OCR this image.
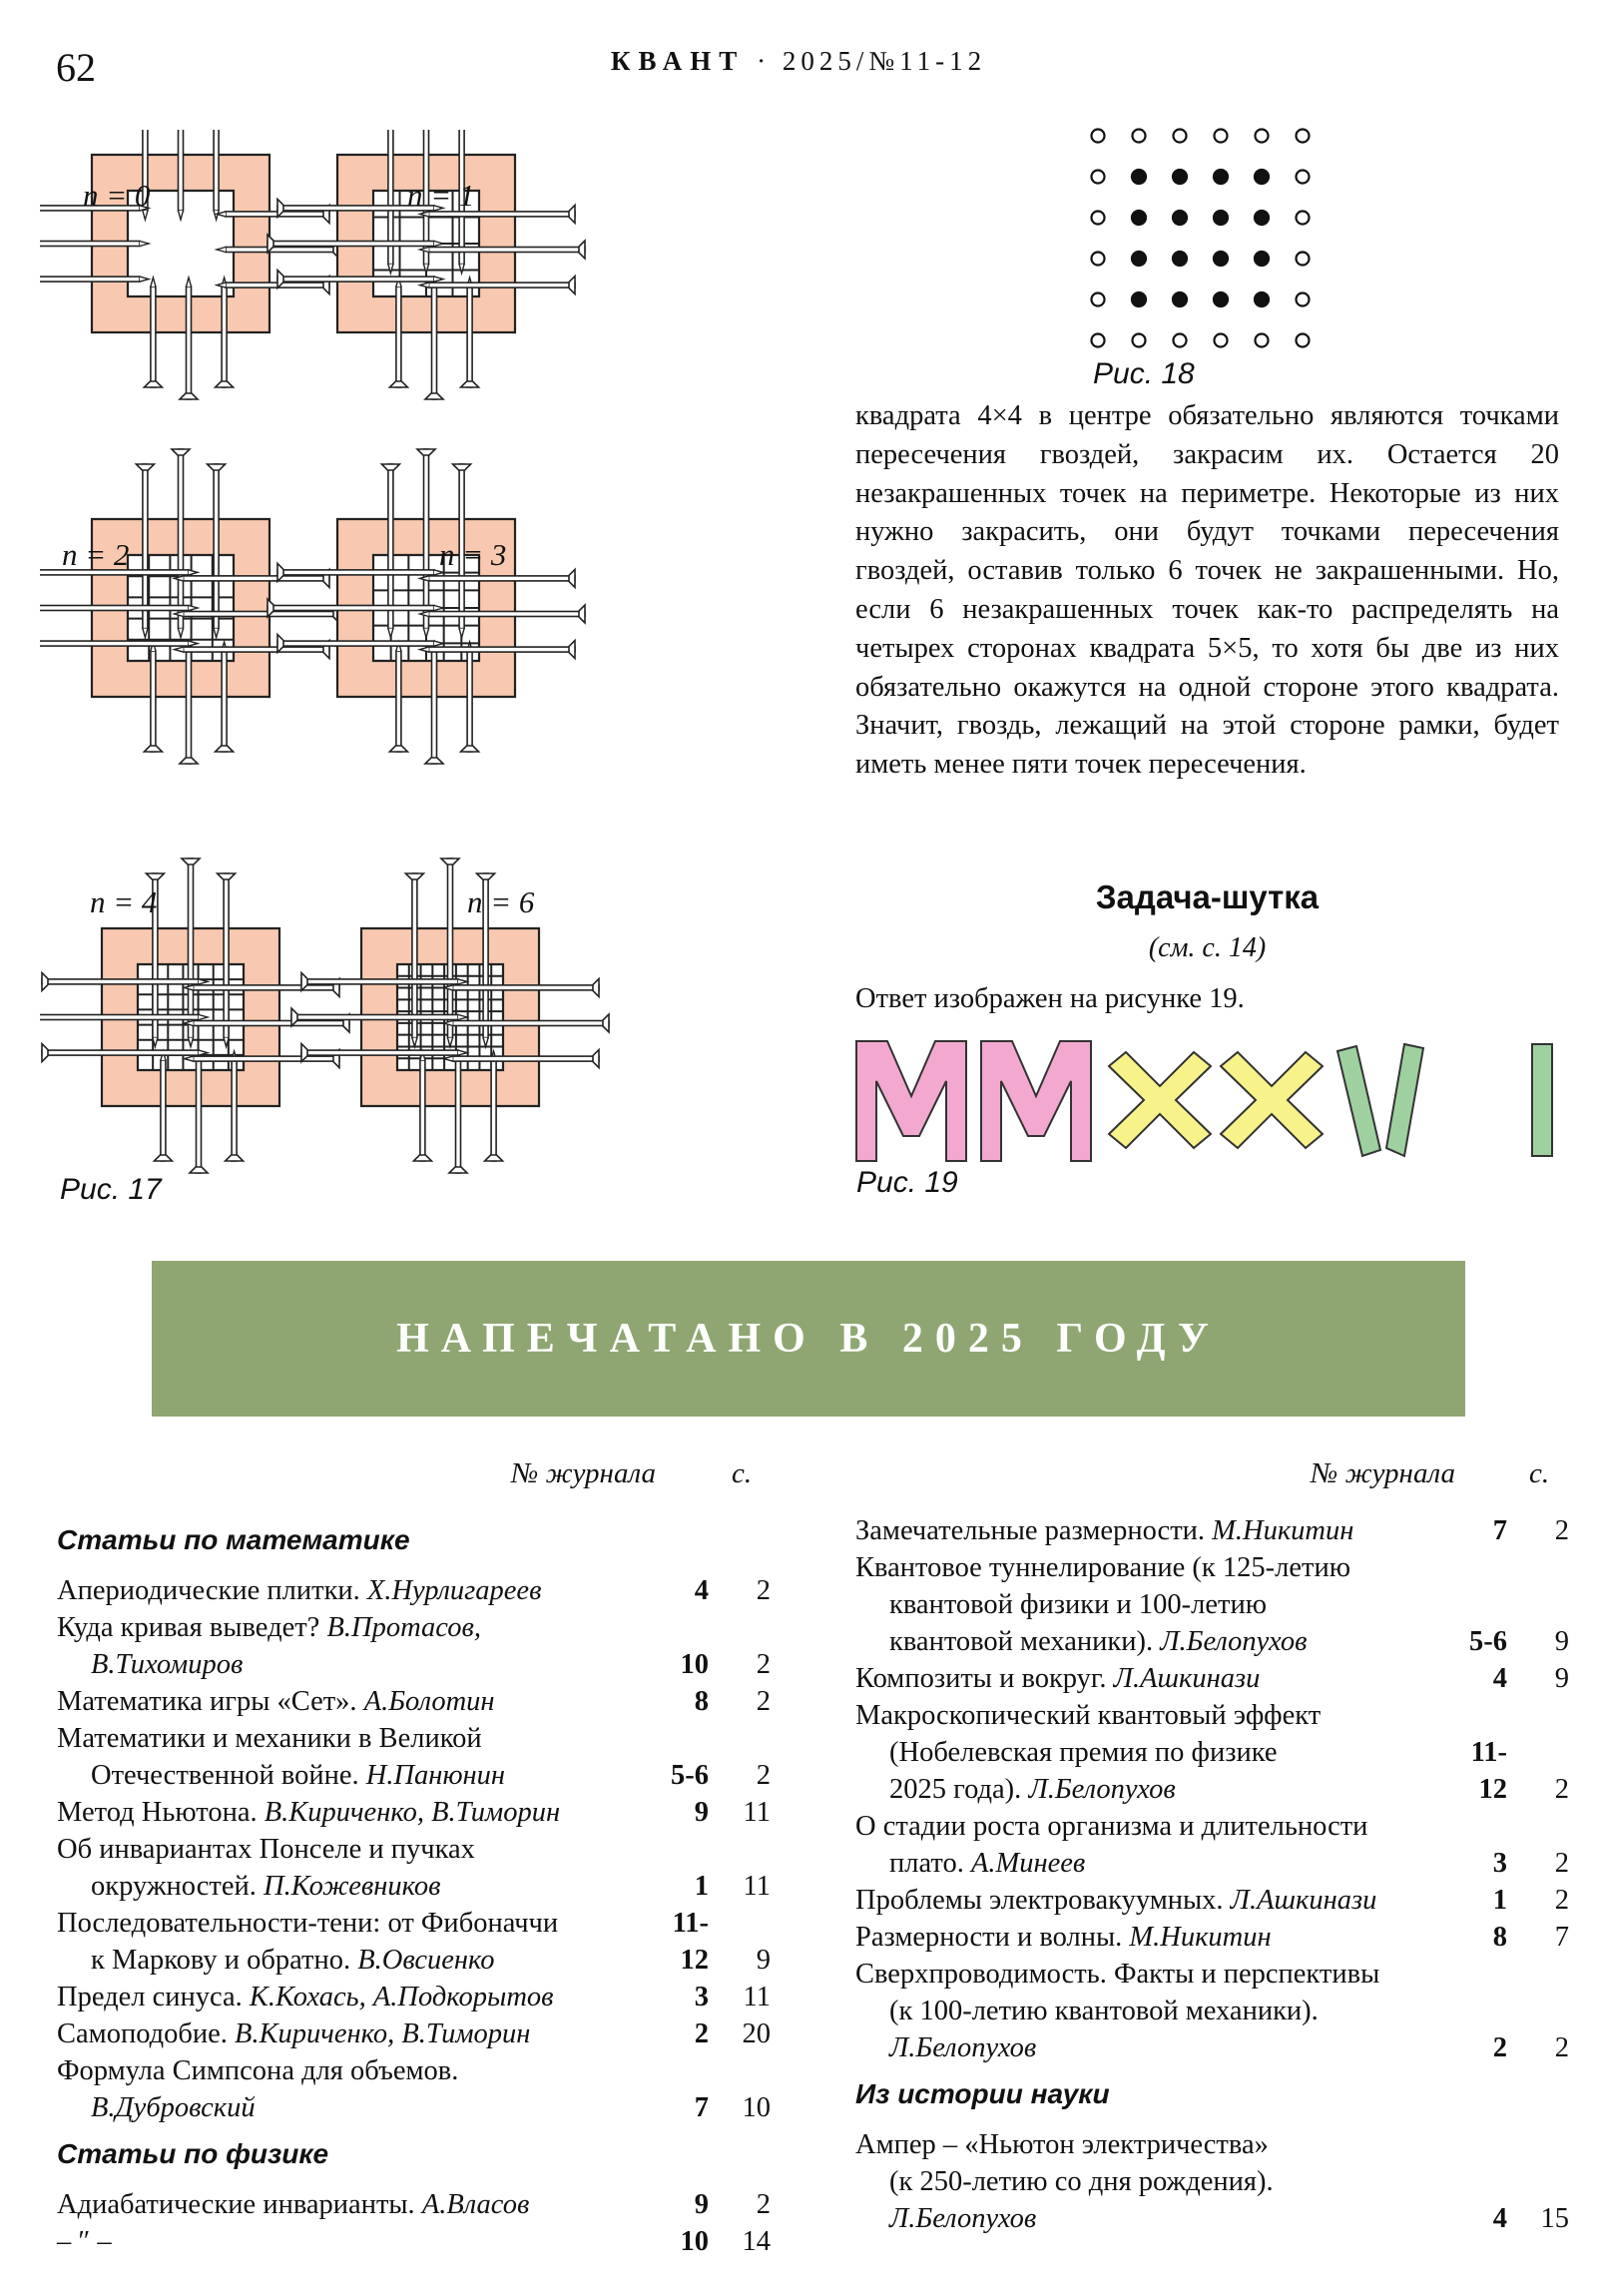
62	КВАНТ · 2025/№11-12
n = 0	n = 1
n = 2	n = 3
n = 4	n = 6
Рис. 17
Рис. 18

квадрата 4×4 в центре обязательно являются точками пересечения гвоздей, закрасим их. Остается 20 незакрашенных точек на периметре. Некоторые из них нужно закрасить, они будут точками пересечения гвоздей, оставив только 6 точек не закрашенными. Но, если 6 незакрашенных точек как-то распределять на четырех сторонах квадрата 5×5, то хотя бы две из них обязательно окажутся на одной стороне этого квадрата. Значит, гвоздь, лежащий на этой стороне рамки, будет иметь менее пяти точек пересечения.

Задача-шутка
(см. с. 14)
Ответ изображен на рисунке 19.
Рис. 19
НАПЕЧАТАНО В 2025 ГОДУ
№ журнала	с.	№ журнала	с.
Статьи по математике
Апериодические плитки. Х.Нурлигареев	4	2
Куда кривая выведет? В.Протасов,
В.Тихомиров	10	2
Математика игры «Сет». А.Болотин	8	2
Математики и механики в Великой
Отечественной войне. Н.Панюнин	5-6	2
Метод Ньютона. В.Кириченко, В.Тиморин	9	11
Об инвариантах Понселе и пучках
окружностей. П.Кожевников	1	11
Последовательности-тени: от Фибоначчи
к Маркову и обратно. В.Овсиенко
11-12	9
Предел синуса. К.Кохась, А.Подкорытов	3	11
Самоподобие. В.Кириченко, В.Тиморин	2	20
Формула Симпсона для объемов.
В.Дубровский	7	10
Статьи по физике
Адиабатические инварианты. А.Власов	9	2
– ″ –	10	14
Замечательные размерности. М.Никитин	7	2
Квантовое туннелирование (к 125-летию
квантовой физики и 100-летию
квантовой механики). Л.Белопухов	5-6	9
Композиты и вокруг. Л.Ашкинази	4	9
Макроскопический квантовый эффект
(Нобелевская премия по физике
2025 года). Л.Белопухов
11-12	2
О стадии роста организма и длительности
плато. А.Минеев	3	2
Проблемы электровакуумных. Л.Ашкинази	1	2
Размерности и волны. М.Никитин	8	7
Сверхпроводимость. Факты и перспективы
(к 100-летию квантовой механики).
Л.Белопухов	2	2
Из истории науки
Ампер – «Ньютон электричества»
(к 250-летию со дня рождения).
Л.Белопухов	4	15
